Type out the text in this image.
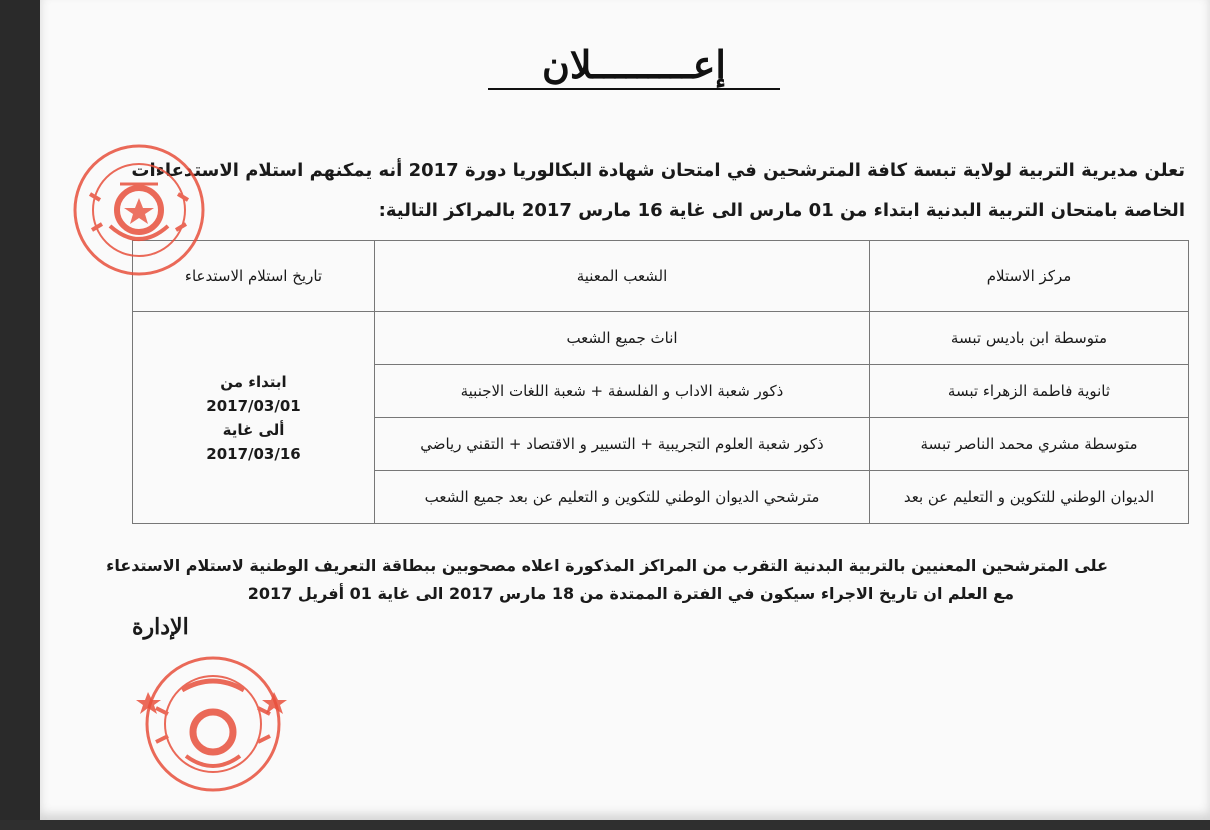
إعـــــــــلان
تعلن مديرية التربية لولاية تبسة كافة المترشحين في امتحان شهادة البكالوريا دورة 2017 أنه يمكنهم استلام الاستدعاءات
الخاصة بامتحان التربية البدنية ابتداء من 01 مارس الى غاية 16 مارس 2017 بالمراكز التالية:
مركز الاستلام	الشعب المعنية	تاريخ استلام الاستدعاء
متوسطة ابن باديس تبسة	اناث جميع الشعب	ابتداء من
2017/03/01
ألى غاية
2017/03/16

ثانوية فاطمة الزهراء تبسة	ذكور شعبة الاداب و الفلسفة + شعبة اللغات الاجنبية	
متوسطة مشري محمد الناصر تبسة	ذكور شعبة العلوم التجريبية + التسيير و الاقتصاد + التقني رياضي	
الديوان الوطني للتكوين و التعليم عن بعد	مترشحي الديوان الوطني للتكوين و التعليم عن بعد جميع الشعب	
على المترشحين المعنيين بالتربية البدنية التقرب من المراكز المذكورة اعلاه مصحوبين ببطاقة التعريف الوطنية لاستلام الاستدعاء
مع العلم ان تاريخ الاجراء سيكون في الفترة الممتدة من 18 مارس 2017 الى غاية 01 أفريل 2017
الإدارة
